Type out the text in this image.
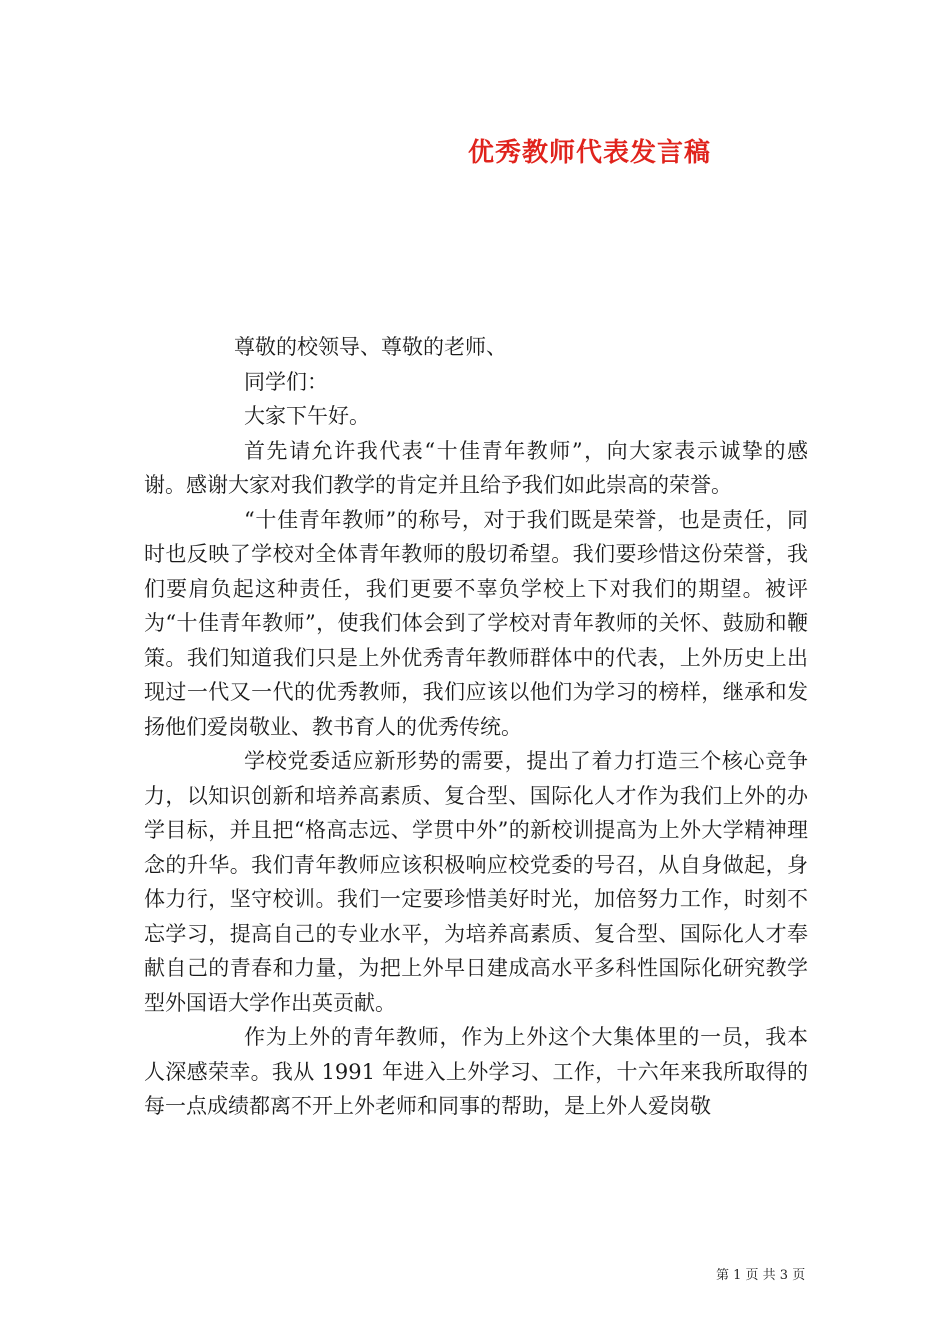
优秀教师代表发言稿

尊敬的校领导、尊敬的老师、

同学们：

大家下午好。

首先请允许我代表“十佳青年教师”，向大家表示诚挚的感谢。感谢大家对我们教学的肯定并且给予我们如此崇高的荣誉。

“十佳青年教师”的称号，对于我们既是荣誉，也是责任，同时也反映了学校对全体青年教师的殷切希望。我们要珍惜这份荣誉，我们要肩负起这种责任，我们更要不辜负学校上下对我们的期望。被评为“十佳青年教师”，使我们体会到了学校对青年教师的关怀、鼓励和鞭策。我们知道我们只是上外优秀青年教师群体中的代表，上外历史上出现过一代又一代的优秀教师，我们应该以他们为学习的榜样，继承和发扬他们爱岗敬业、教书育人的优秀传统。

学校党委适应新形势的需要，提出了着力打造三个核心竞争力，以知识创新和培养高素质、复合型、国际化人才作为我们上外的办学目标，并且把“格高志远、学贯中外”的新校训提高为上外大学精神理念的升华。我们青年教师应该积极响应校党委的号召，从自身做起，身体力行，坚守校训。我们一定要珍惜美好时光，加倍努力工作，时刻不忘学习，提高自己的专业水平，为培养高素质、复合型、国际化人才奉献自己的青春和力量，为把上外早日建成高水平多科性国际化研究教学型外国语大学作出英贡献。

作为上外的青年教师，作为上外这个大集体里的一员，我本人深感荣幸。我从 1991 年进入上外学习、工作，十六年来我所取得的每一点成绩都离不开上外老师和同事的帮助，是上外人爱岗敬

第 1 页 共 3 页
